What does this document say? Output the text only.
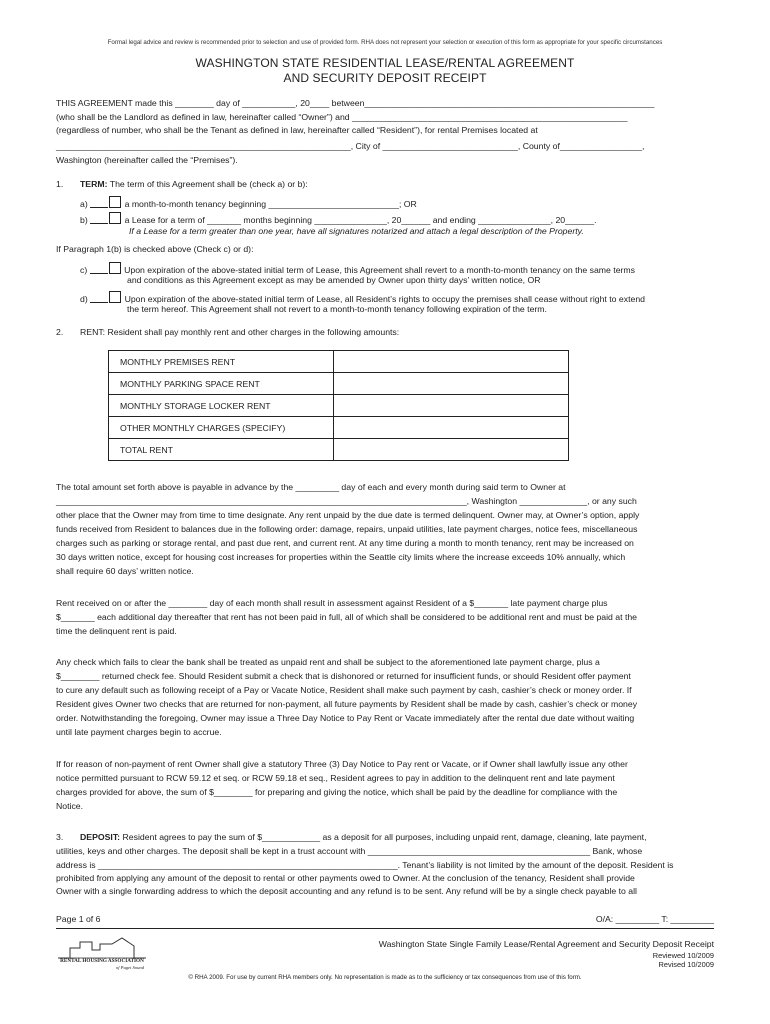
Formal legal advice and review is recommended prior to selection and use of provided form. RHA does not represent your selection or execution of this form as appropriate for your specific circumstances
WASHINGTON STATE RESIDENTIAL LEASE/RENTAL AGREEMENT
AND SECURITY DEPOSIT RECEIPT
THIS AGREEMENT made this ________ day of ___________, 20____ between____________________________________________________________
(who shall be the Landlord as defined in law, hereinafter called “Owner”) and _________________________________________________________
(regardless of number, who shall be the Tenant as defined in law, hereinafter called “Resident”), for rental Premises located at
_____________________________________________________________, City of ____________________________, County of_________________,
Washington (hereinafter called the “Premises”).
1. TERM: The term of this Agreement shall be (check a) or b):
a)	a month-to-month tenancy beginning ___________________________; OR
b)	a Lease for a term of _______ months beginning _______________, 20______ and ending _______________, 20______.
If a Lease for a term greater than one year, have all signatures notarized and attach a legal description of the Property.
If Paragraph 1(b) is checked above (Check c) or d):
c)	Upon expiration of the above-stated initial term of Lease, this Agreement shall revert to a month-to-month tenancy on the same terms
and conditions as this Agreement except as may be amended by Owner upon thirty days’ written notice, OR
d)	Upon expiration of the above-stated initial term of Lease, all Resident’s rights to occupy the premises shall cease without right to extend
the term hereof. This Agreement shall not revert to a month-to-month tenancy following expiration of the term.
2. RENT: Resident shall pay monthly rent and other charges in the following amounts:
MONTHLY PREMISES RENT	
MONTHLY PARKING SPACE RENT	
MONTHLY STORAGE LOCKER RENT	
OTHER MONTHLY CHARGES (SPECIFY)	
TOTAL RENT	
The total amount set forth above is payable in advance by the _________ day of each and every month during said term to Owner at
_____________________________________________________________________________________, Washington ______________, or any such
other place that the Owner may from time to time designate. Any rent unpaid by the due date is termed delinquent. Owner may, at Owner’s option, apply
funds received from Resident to balances due in the following order: damage, repairs, unpaid utilities, late payment charges, notice fees, miscellaneous
charges such as parking or storage rental, and past due rent, and current rent. At any time during a month to month tenancy, rent may be increased on
30 days written notice, except for housing cost increases for properties within the Seattle city limits where the increase exceeds 10% annually, which
shall require 60 days’ written notice.
Rent received on or after the ________ day of each month shall result in assessment against Resident of a $_______ late payment charge plus
$_______ each additional day thereafter that rent has not been paid in full, all of which shall be considered to be additional rent and must be paid at the
time the delinquent rent is paid.
Any check which fails to clear the bank shall be treated as unpaid rent and shall be subject to the aforementioned late payment charge, plus a
$________ returned check fee. Should Resident submit a check that is dishonored or returned for insufficient funds, or should Resident offer payment
to cure any default such as following receipt of a Pay or Vacate Notice, Resident shall make such payment by cash, cashier’s check or money order. If
Resident gives Owner two checks that are returned for non-payment, all future payments by Resident shall be made by cash, cashier’s check or money
order. Notwithstanding the foregoing, Owner may issue a Three Day Notice to Pay Rent or Vacate immediately after the rental due date without waiting
until late payment charges begin to accrue.
If for reason of non-payment of rent Owner shall give a statutory Three (3) Day Notice to Pay rent or Vacate, or if Owner shall lawfully issue any other
notice permitted pursuant to RCW 59.12 et seq. or RCW 59.18 et seq., Resident agrees to pay in addition to the delinquent rent and late payment
charges provided for above, the sum of $________ for preparing and giving the notice, which shall be paid by the deadline for compliance with the
Notice.
3. DEPOSIT: Resident agrees to pay the sum of $____________ as a deposit for all purposes, including unpaid rent, damage, cleaning, late payment,
utilities, keys and other charges. The deposit shall be kept in a trust account with ______________________________________________ Bank, whose
address is ______________________________________________________________. Tenant’s liability is not limited by the amount of the deposit. Resident is
prohibited from applying any amount of the deposit to rental or other payments owed to Owner. At the conclusion of the tenancy, Resident shall provide
Owner with a single forwarding address to which the deposit accounting and any refund is to be sent. Any refund will be by a single check payable to all
Page 1 of 6	O/A: _________ T: _________
RENTAL HOUSING ASSOCIATION
of Puget Sound
Washington State Single Family Lease/Rental Agreement and Security Deposit Receipt
Reviewed 10/2009
Revised 10/2009
© RHA 2009. For use by current RHA members only. No representation is made as to the sufficiency or tax consequences from use of this form.
